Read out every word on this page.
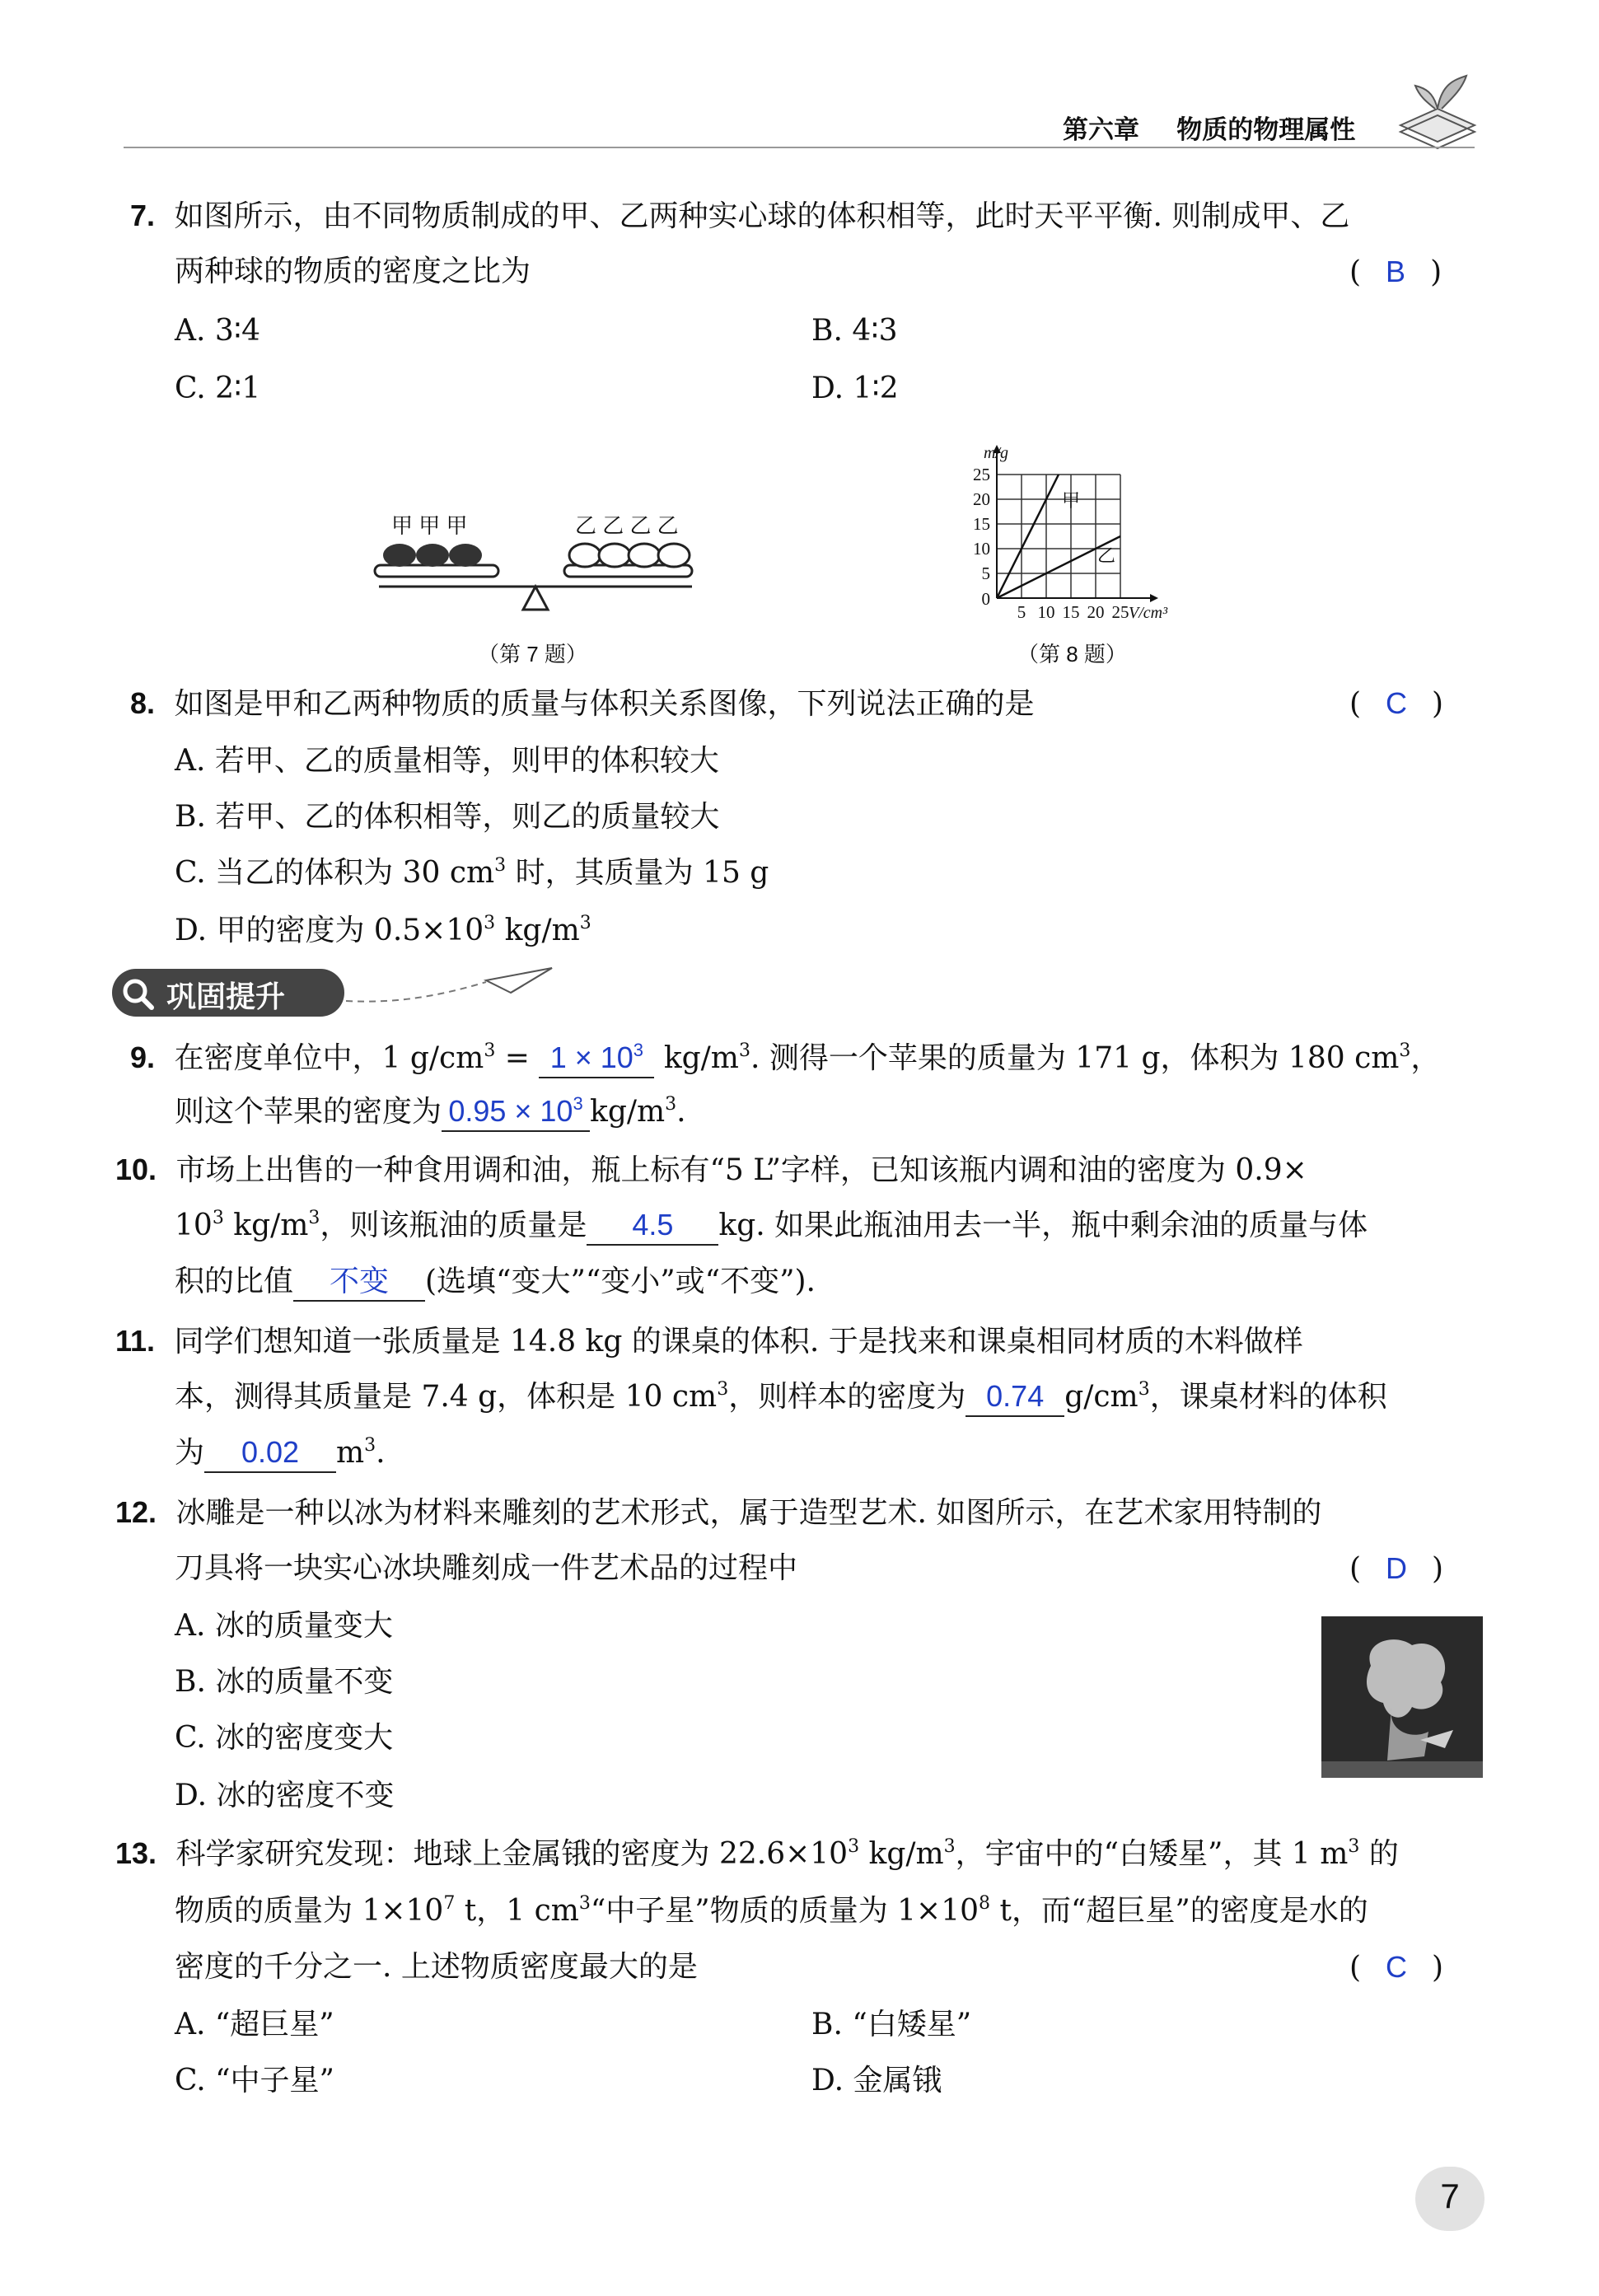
第六章 物质的物理属性
7. 如图所示，由不同物质制成的甲、乙两种实心球的体积相等，此时天平平衡. 则制成甲、乙
两种球的物质的密度之比为	( B )
A. 3∶4	B. 4∶3
C. 2∶1	D. 1∶2
甲 甲 甲	乙 乙 乙 乙
（第 7 题）
5 10 15 20 25
5
10
15
20
25
0
V/cm³
m/g
甲
乙
（第 8 题）
8. 如图是甲和乙两种物质的质量与体积关系图像，下列说法正确的是	( C )
A. 若甲、乙的质量相等，则甲的体积较大
B. 若甲、乙的体积相等，则乙的质量较大
C. 当乙的体积为 30 $cm^3$ 时，其质量为 15 g
D. 甲的密度为 $0.5\times 10^3$ $kg/m^3$
巩固提升
9. 在密度单位中，1 $g/cm^3 = 1 \times 10^3$ $kg/m^3$. 测得一个苹果的质量为 171 g，体积为 180 $cm^3$，
则这个苹果的密度为 $0.95 \times 10^3$ $kg/m^3$.
10. 市场上出售的一种食用调和油，瓶上标有“5 L”字样，已知该瓶内调和油的密度为 0.9×
$10^3$ $kg/m^3$，则该瓶油的质量是 4.5 kg. 如果此瓶油用去一半，瓶中剩余油的质量与体
积的比值 不变 (选填“变大”“变小”或“不变”).
11. 同学们想知道一张质量是 14.8 kg 的课桌的体积. 于是找来和课桌相同材质的木料做样
本，测得其质量是 7.4 g，体积是 10 $cm^3$，则样本的密度为 0.74 $g/cm^3$，课桌材料的体积
为 0.02 $m^3$.
12. 冰雕是一种以冰为材料来雕刻的艺术形式，属于造型艺术. 如图所示，在艺术家用特制的
刀具将一块实心冰块雕刻成一件艺术品的过程中	( D )
A. 冰的质量变大
B. 冰的质量不变
C. 冰的密度变大
D. 冰的密度不变
13. 科学家研究发现：地球上金属锇的密度为 $22.6\times 10^3$ $kg/m^3$，宇宙中的“白矮星”，其 1 $m^3$ 的
物质的质量为 $1\times 10^7$ t，1 $cm^3“$中子星”物质的质量为 $1\times 10^8$ t，而“超巨星”的密度是水的
密度的千分之一. 上述物质密度最大的是	( C )
A. “超巨星”	B. “白矮星”
C. “中子星”	D. 金属锇
7
